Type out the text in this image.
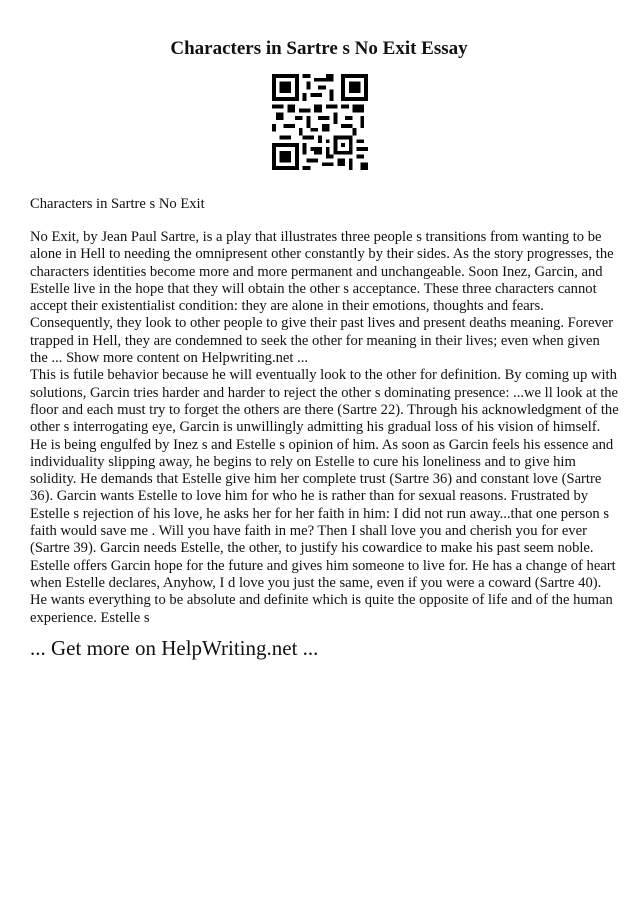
Characters in Sartre s No Exit Essay
Characters in Sartre s No Exit

No Exit, by Jean Paul Sartre, is a play that illustrates three people s transitions from wanting to be alone in Hell to needing the omnipresent other constantly by their sides. As the story progresses, the characters identities become more and more permanent and unchangeable. Soon Inez, Garcin, and Estelle live in the hope that they will obtain the other s acceptance. These three characters cannot accept their existentialist condition: they are alone in their emotions, thoughts and fears. Consequently, they look to other people to give their past lives and present deaths meaning. Forever trapped in Hell, they are condemned to seek the other for meaning in their lives; even when given the ... Show more content on Helpwriting.net ...

This is futile behavior because he will eventually look to the other for definition. By coming up with solutions, Garcin tries harder and harder to reject the other s dominating presence: ...we ll look at the floor and each must try to forget the others are there (Sartre 22). Through his acknowledgment of the other s interrogating eye, Garcin is unwillingly admitting his gradual loss of his vision of himself. He is being engulfed by Inez s and Estelle s opinion of him. As soon as Garcin feels his essence and individuality slipping away, he begins to rely on Estelle to cure his loneliness and to give him solidity. He demands that Estelle give him her complete trust (Sartre 36) and constant love (Sartre 36). Garcin wants Estelle to love him for who he is rather than for sexual reasons. Frustrated by Estelle s rejection of his love, he asks her for her faith in him: I did not run away...that one person s faith would save me . Will you have faith in me? Then I shall love you and cherish you for ever (Sartre 39). Garcin needs Estelle, the other, to justify his cowardice to make his past seem noble. Estelle offers Garcin hope for the future and gives him someone to live for. He has a change of heart when Estelle declares, Anyhow, I d love you just the same, even if you were a coward (Sartre 40). He wants everything to be absolute and definite which is quite the opposite of life and of the human experience. Estelle s

... Get more on HelpWriting.net ...
